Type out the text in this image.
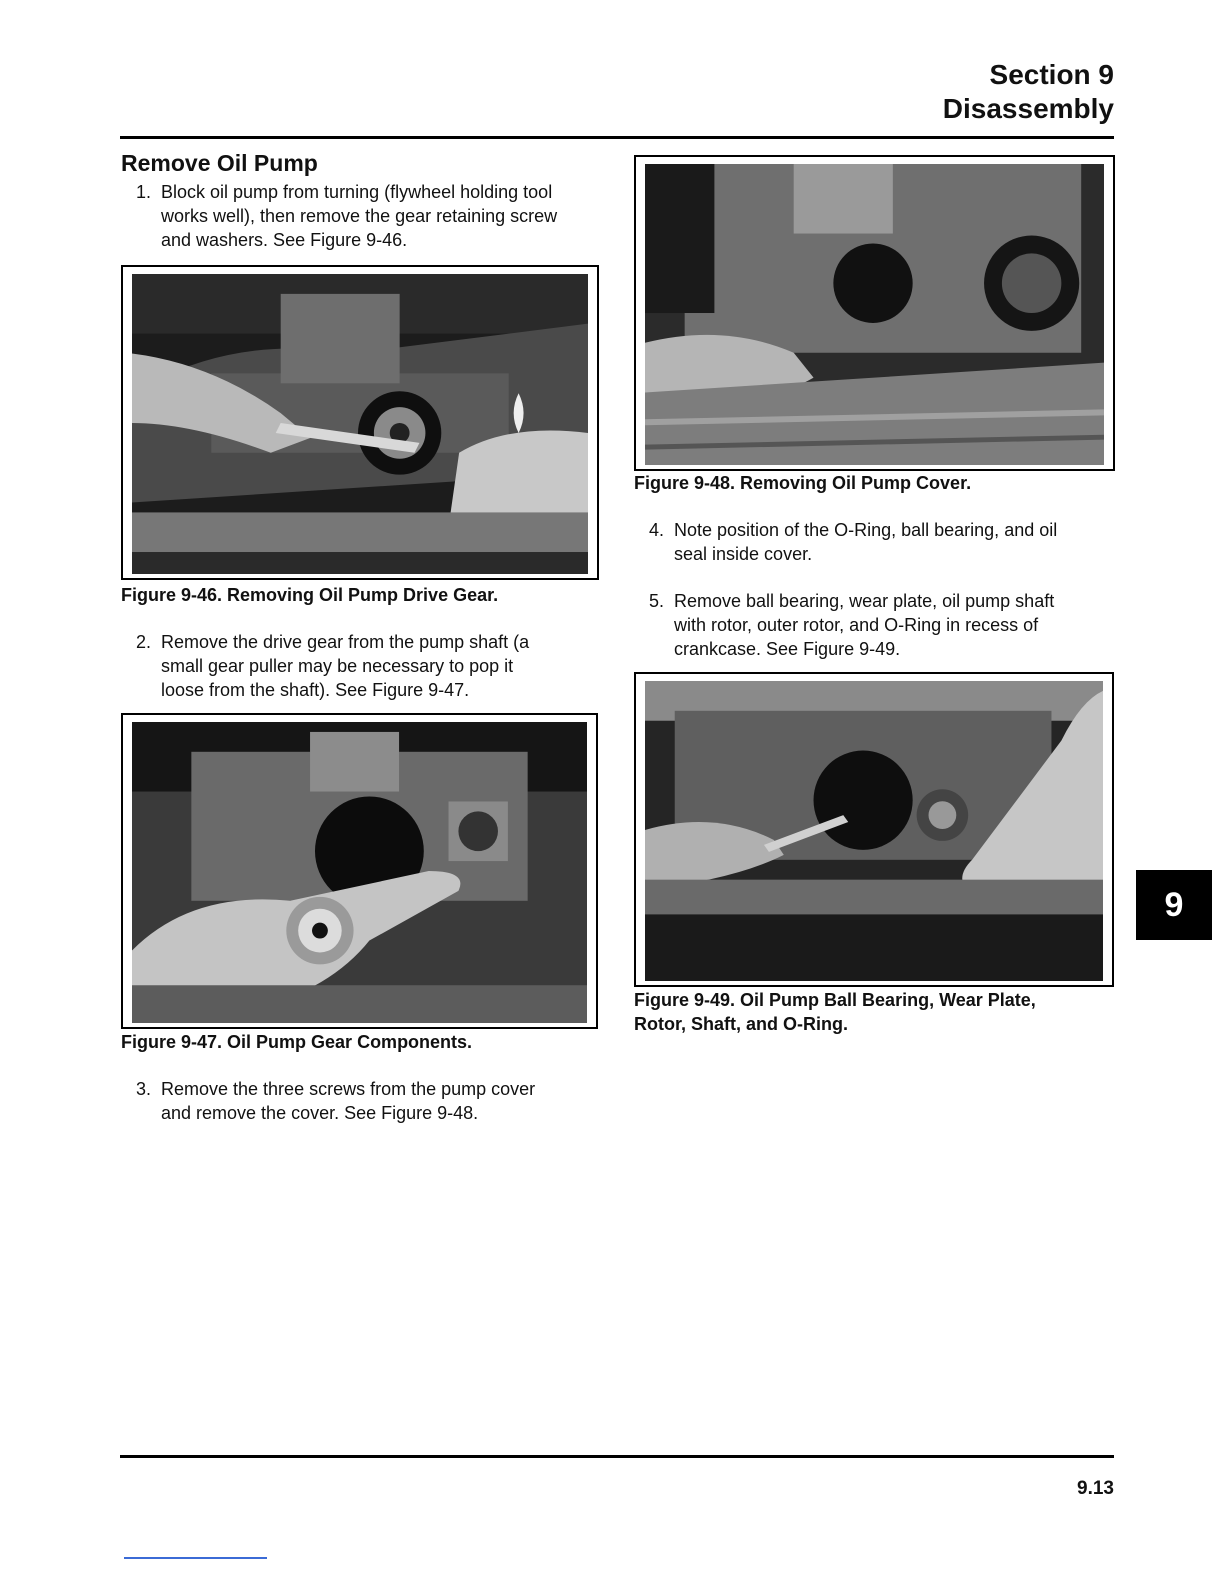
Section 9
Disassembly
Remove Oil Pump
1. Block oil pump from turning (flywheel holding tool
works well), then remove the gear retaining screw
and washers. See Figure 9-46.
Figure 9-46. Removing Oil Pump Drive Gear.
2. Remove the drive gear from the pump shaft (a
small gear puller may be necessary to pop it
loose from the shaft). See Figure 9-47.
Figure 9-47. Oil Pump Gear Components.
3. Remove the three screws from the pump cover
and remove the cover. See Figure 9-48.
Figure 9-48. Removing Oil Pump Cover.
4. Note position of the O-Ring, ball bearing, and oil
seal inside cover.
5. Remove ball bearing, wear plate, oil pump shaft
with rotor, outer rotor, and O-Ring in recess of
crankcase. See Figure 9-49.
Figure 9-49. Oil Pump Ball Bearing, Wear Plate,
Rotor, Shaft, and O-Ring.
9
9.13
